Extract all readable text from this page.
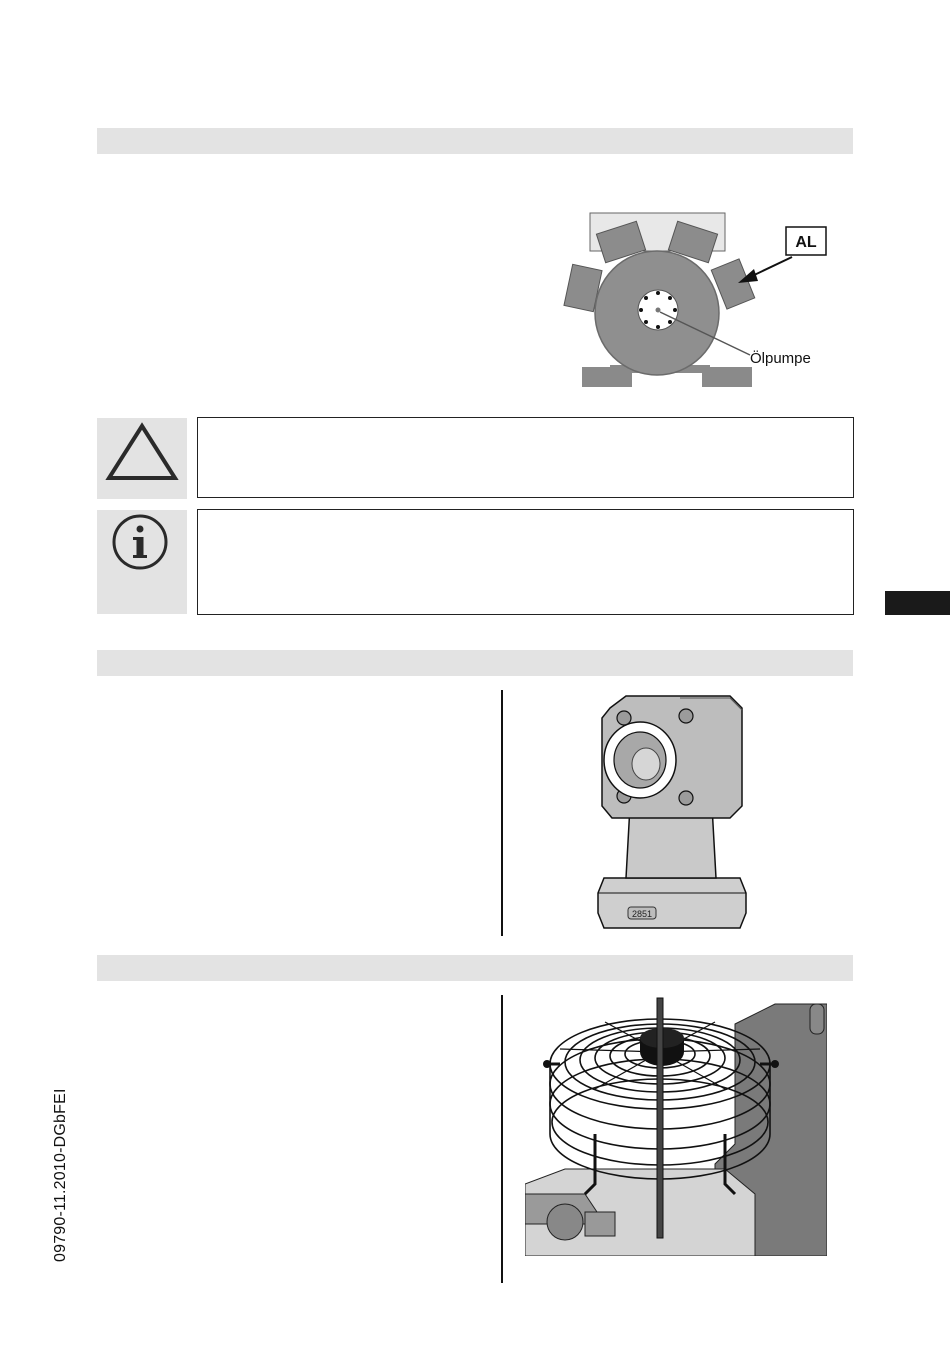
Ölpumpe
AL
2851
09790-11.2010-DGbFEI
